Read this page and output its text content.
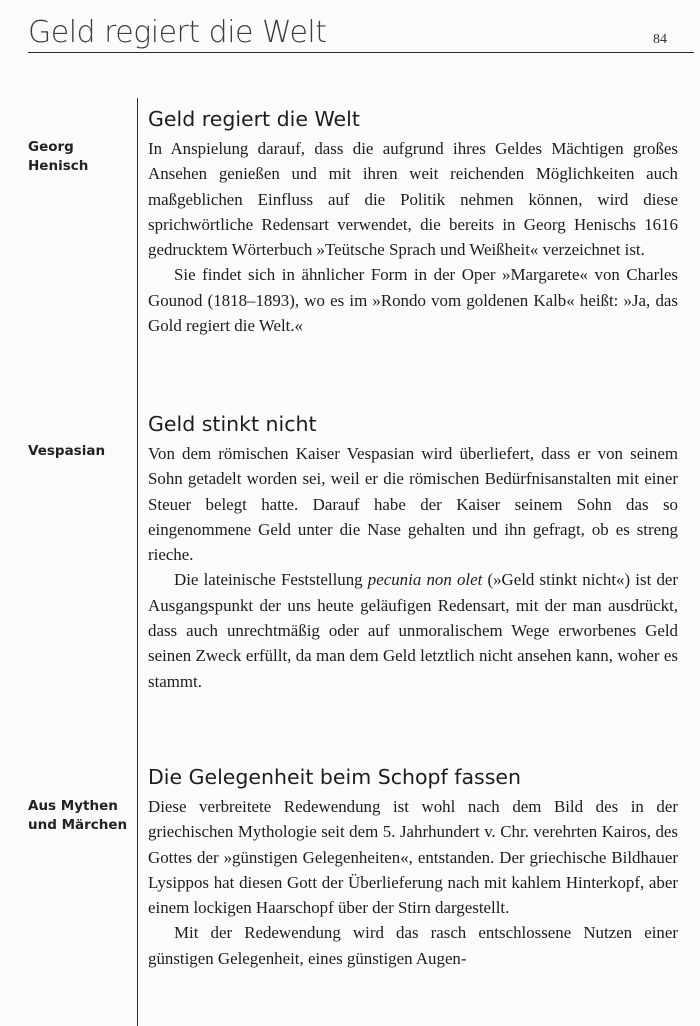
Geld regiert die Welt	84
Georg
Henisch
Geld regiert die Welt

In Anspielung darauf, dass die aufgrund ihres Geldes Mächtigen großes Ansehen genießen und mit ihren weit reichenden Möglichkeiten auch maßgeblichen Einfluss auf die Politik nehmen können, wird diese sprichwörtliche Redensart verwendet, die bereits in Georg Henischs 1616 gedrucktem Wörterbuch »Teütsche Sprach und Weißheit« verzeichnet ist.

Sie findet sich in ähnlicher Form in der Oper »Margarete« von Charles Gounod (1818–1893), wo es im »Rondo vom goldenen Kalb« heißt: »Ja, das Gold regiert die Welt.«

Vespasian
Geld stinkt nicht

Von dem römischen Kaiser Vespasian wird überliefert, dass er von seinem Sohn getadelt worden sei, weil er die römischen Bedürfnisanstalten mit einer Steuer belegt hatte. Darauf habe der Kaiser seinem Sohn das so eingenommene Geld unter die Nase gehalten und ihn gefragt, ob es streng rieche.

Die lateinische Feststellung pecunia non olet (»Geld stinkt nicht«) ist der Ausgangspunkt der uns heute geläufigen Redensart, mit der man ausdrückt, dass auch unrechtmäßig oder auf unmoralischem Wege erworbenes Geld seinen Zweck erfüllt, da man dem Geld letztlich nicht ansehen kann, woher es stammt.

Aus Mythen
und Märchen
Die Gelegenheit beim Schopf fassen

Diese verbreitete Redewendung ist wohl nach dem Bild des in der griechischen Mythologie seit dem 5. Jahrhundert v. Chr. verehrten Kairos, des Gottes der »günstigen Gelegenheiten«, entstanden. Der griechische Bildhauer Lysippos hat diesen Gott der Überlieferung nach mit kahlem Hinterkopf, aber einem lockigen Haarschopf über der Stirn dargestellt.

Mit der Redewendung wird das rasch entschlossene Nutzen einer günstigen Gelegenheit, eines günstigen Augen-
